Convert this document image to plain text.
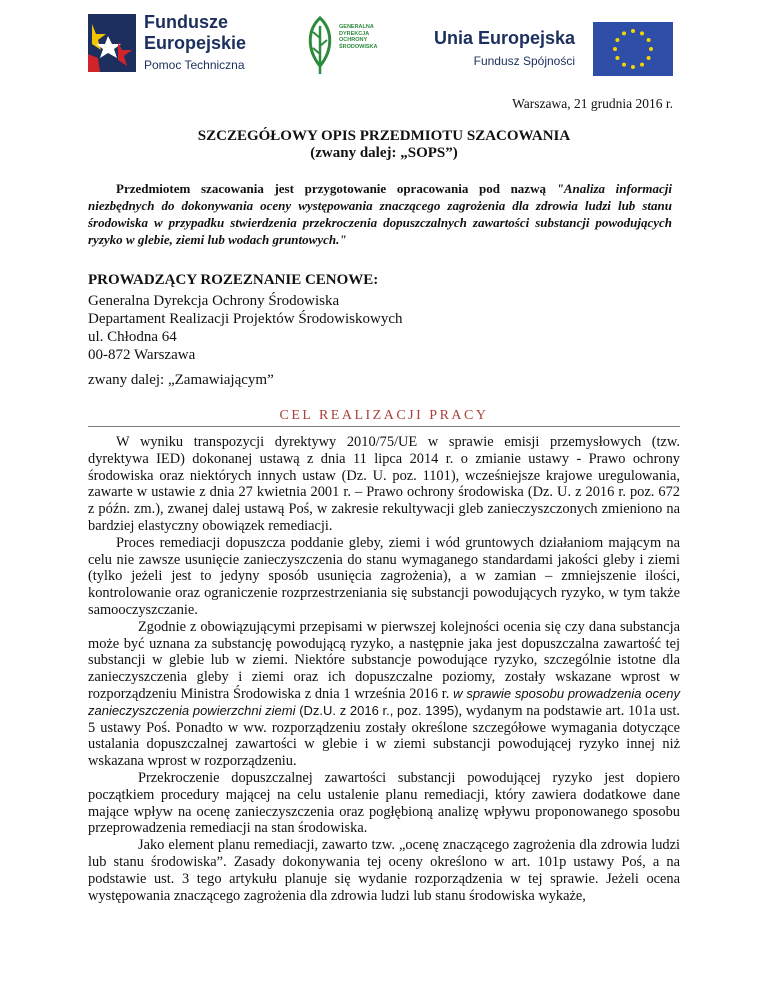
Fundusze
Europejskie
Pomoc Techniczna
GENERALNA
DYREKCJA
OCHRONY
ŚRODOWISKA	Unia Europejska
Fundusz Spójności
Warszawa, 21 grudnia 2016 r.
SZCZEGÓŁOWY OPIS PRZEDMIOTU SZACOWANIA
(zwany dalej: „SOPS”)
Przedmiotem szacowania jest przygotowanie opracowania pod nazwą "Analiza informacji niezbędnych do dokonywania oceny występowania znaczącego zagrożenia dla zdrowia ludzi lub stanu środowiska w przypadku stwierdzenia przekroczenia dopuszczalnych zawartości substancji powodujących ryzyko w glebie, ziemi lub wodach gruntowych."
PROWADZĄCY ROZEZNANIE CENOWE:
Generalna Dyrekcja Ochrony Środowiska
Departament Realizacji Projektów Środowiskowych
ul. Chłodna 64
00-872 Warszawa
zwany dalej: „Zamawiającym”
CEL REALIZACJI PRACY

W wyniku transpozycji dyrektywy 2010/75/UE w sprawie emisji przemysłowych (tzw. dyrektywa IED) dokonanej ustawą z dnia 11 lipca 2014 r. o zmianie ustawy - Prawo ochrony środowiska oraz niektórych innych ustaw (Dz. U. poz. 1101), wcześniejsze krajowe uregulowania, zawarte w ustawie z dnia 27 kwietnia 2001 r. – Prawo ochrony środowiska (Dz. U. z 2016 r. poz. 672 z późn. zm.), zwanej dalej ustawą Poś, w zakresie rekultywacji gleb zanieczyszczonych zmieniono na bardziej elastyczny obowiązek remediacji.

Proces remediacji dopuszcza poddanie gleby, ziemi i wód gruntowych działaniom mającym na celu nie zawsze usunięcie zanieczyszczenia do stanu wymaganego standardami jakości gleby i ziemi (tylko jeżeli jest to jedyny sposób usunięcia zagrożenia), a w zamian – zmniejszenie ilości, kontrolowanie oraz ograniczenie rozprzestrzeniania się substancji powodujących ryzyko, w tym także samooczyszczanie.

Zgodnie z obowiązującymi przepisami w pierwszej kolejności ocenia się czy dana substancja może być uznana za substancję powodującą ryzyko, a następnie jaka jest dopuszczalna zawartość tej substancji w glebie lub w ziemi. Niektóre substancje powodujące ryzyko, szczególnie istotne dla zanieczyszczenia gleby i ziemi oraz ich dopuszczalne poziomy, zostały wskazane wprost w rozporządzeniu Ministra Środowiska z dnia 1 września 2016 r. w sprawie sposobu prowadzenia oceny zanieczyszczenia powierzchni ziemi (Dz.U. z 2016 r., poz. 1395), wydanym na podstawie art. 101a ust. 5 ustawy Poś. Ponadto w ww. rozporządzeniu zostały określone szczegółowe wymagania dotyczące ustalania dopuszczalnej zawartości w glebie i w ziemi substancji powodującej ryzyko innej niż wskazana wprost w rozporządzeniu.

Przekroczenie dopuszczalnej zawartości substancji powodującej ryzyko jest dopiero początkiem procedury mającej na celu ustalenie planu remediacji, który zawiera dodatkowe dane mające wpływ na ocenę zanieczyszczenia oraz pogłębioną analizę wpływu proponowanego sposobu przeprowadzenia remediacji na stan środowiska.

Jako element planu remediacji, zawarto tzw. „ocenę znaczącego zagrożenia dla zdrowia ludzi lub stanu środowiska”. Zasady dokonywania tej oceny określono w art. 101p ustawy Poś, a na podstawie ust. 3 tego artykułu planuje się wydanie rozporządzenia w tej sprawie. Jeżeli ocena występowania znaczącego zagrożenia dla zdrowia ludzi lub stanu środowiska wykaże,
